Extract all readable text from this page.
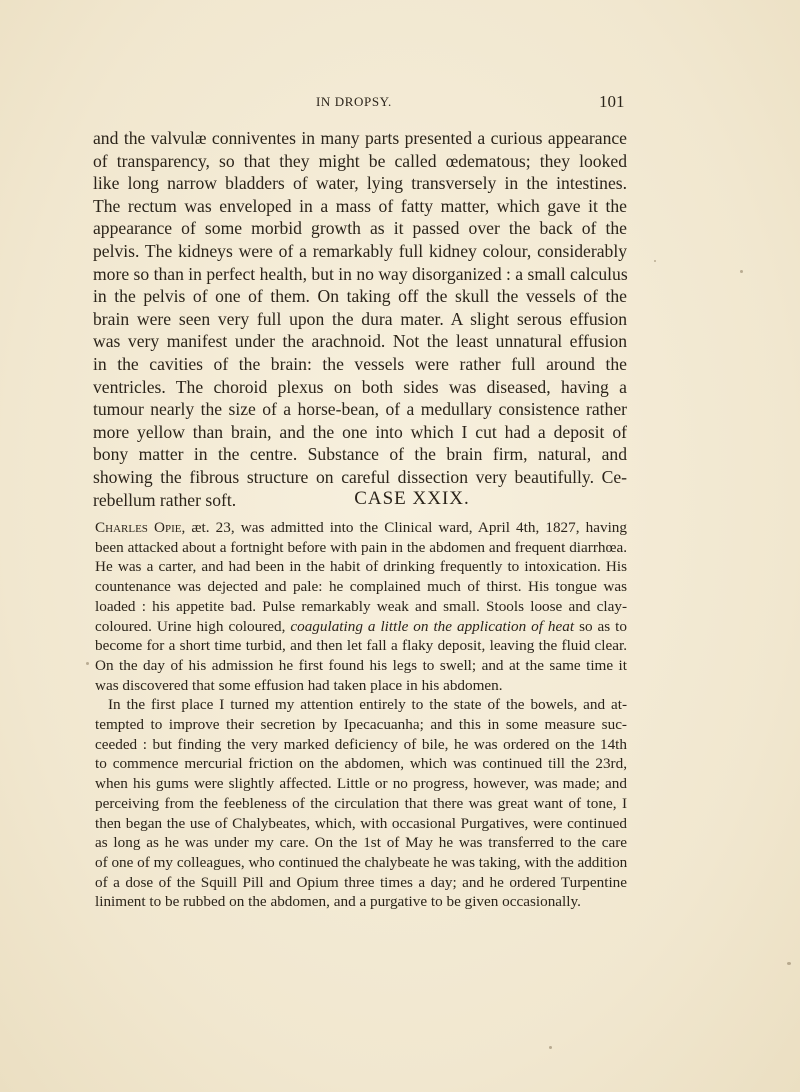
IN DROPSY.	101
and the valvulæ conniventes in many parts presented a curious appearance
of transparency, so that they might be called œdematous; they looked
like long narrow bladders of water, lying transversely in the intestines.
The rectum was enveloped in a mass of fatty matter, which gave it the
appearance of some morbid growth as it passed over the back of the
pelvis. The kidneys were of a remarkably full kidney colour, considerably
more so than in perfect health, but in no way disorganized : a small calculus
in the pelvis of one of them. On taking off the skull the vessels of the
brain were seen very full upon the dura mater. A slight serous effusion
was very manifest under the arachnoid. Not the least unnatural effusion
in the cavities of the brain: the vessels were rather full around the
ventricles. The choroid plexus on both sides was diseased, having a
tumour nearly the size of a horse-bean, of a medullary consistence rather
more yellow than brain, and the one into which I cut had a deposit of
bony matter in the centre. Substance of the brain firm, natural, and
showing the fibrous structure on careful dissection very beautifully. Ce-
rebellum rather soft.	CASE XXIX.
Charles Opie, æt. 23, was admitted into the Clinical ward, April 4th, 1827, having
been attacked about a fortnight before with pain in the abdomen and frequent diarrhœa.
He was a carter, and had been in the habit of drinking frequently to intoxication. His
countenance was dejected and pale: he complained much of thirst. His tongue was
loaded : his appetite bad. Pulse remarkably weak and small. Stools loose and clay-
coloured. Urine high coloured, coagulating a little on the application of heat so as to
become for a short time turbid, and then let fall a flaky deposit, leaving the fluid clear.
On the day of his admission he first found his legs to swell; and at the same time it
was discovered that some effusion had taken place in his abdomen.
In the first place I turned my attention entirely to the state of the bowels, and at-
tempted to improve their secretion by Ipecacuanha; and this in some measure suc-
ceeded : but finding the very marked deficiency of bile, he was ordered on the 14th
to commence mercurial friction on the abdomen, which was continued till the 23rd,
when his gums were slightly affected. Little or no progress, however, was made; and
perceiving from the feebleness of the circulation that there was great want of tone, I
then began the use of Chalybeates, which, with occasional Purgatives, were continued
as long as he was under my care. On the 1st of May he was transferred to the care
of one of my colleagues, who continued the chalybeate he was taking, with the addition
of a dose of the Squill Pill and Opium three times a day; and he ordered Turpentine
liniment to be rubbed on the abdomen, and a purgative to be given occasionally.
